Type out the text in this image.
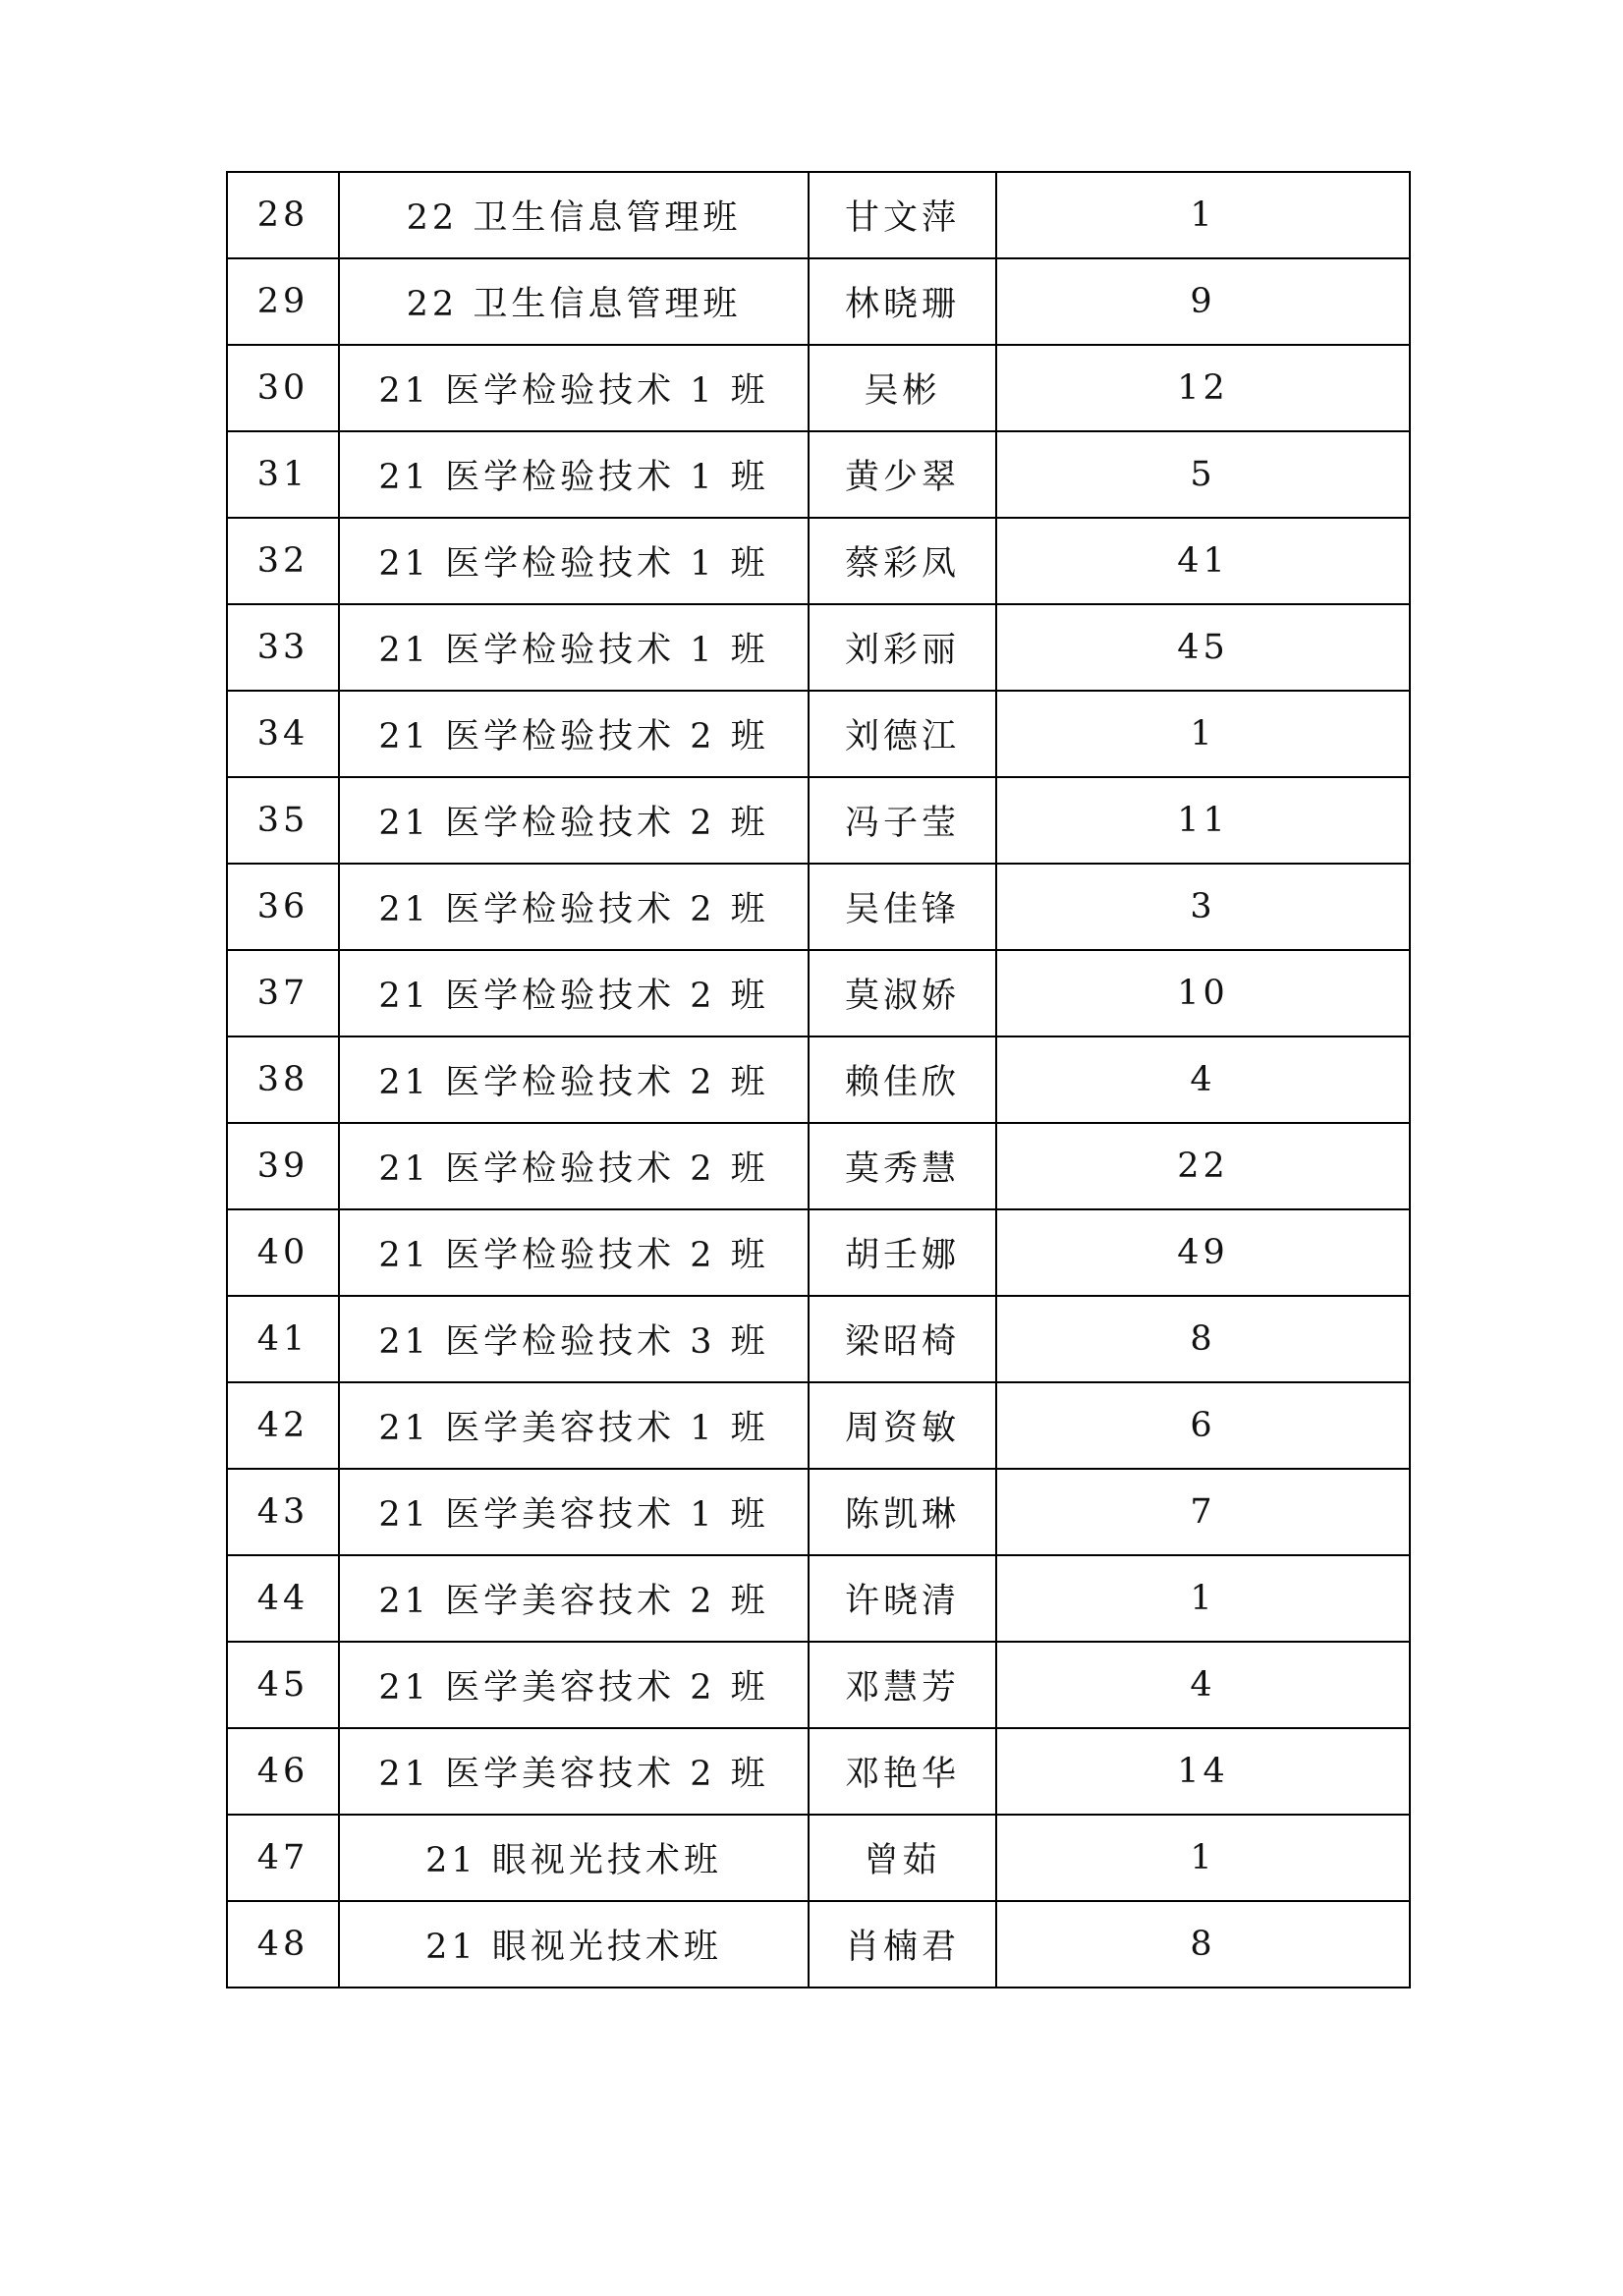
28	22 卫生信息管理班	甘文萍	1
29	22 卫生信息管理班	林晓珊	9
30	21 医学检验技术 1 班	吴彬	12
31	21 医学检验技术 1 班	黄少翠	5
32	21 医学检验技术 1 班	蔡彩凤	41
33	21 医学检验技术 1 班	刘彩丽	45
34	21 医学检验技术 2 班	刘德江	1
35	21 医学检验技术 2 班	冯子莹	11
36	21 医学检验技术 2 班	吴佳锋	3
37	21 医学检验技术 2 班	莫淑娇	10
38	21 医学检验技术 2 班	赖佳欣	4
39	21 医学检验技术 2 班	莫秀慧	22
40	21 医学检验技术 2 班	胡壬娜	49
41	21 医学检验技术 3 班	梁昭椅	8
42	21 医学美容技术 1 班	周资敏	6
43	21 医学美容技术 1 班	陈凯琳	7
44	21 医学美容技术 2 班	许晓清	1
45	21 医学美容技术 2 班	邓慧芳	4
46	21 医学美容技术 2 班	邓艳华	14
47	21 眼视光技术班	曾茹	1
48	21 眼视光技术班	肖楠君	8
